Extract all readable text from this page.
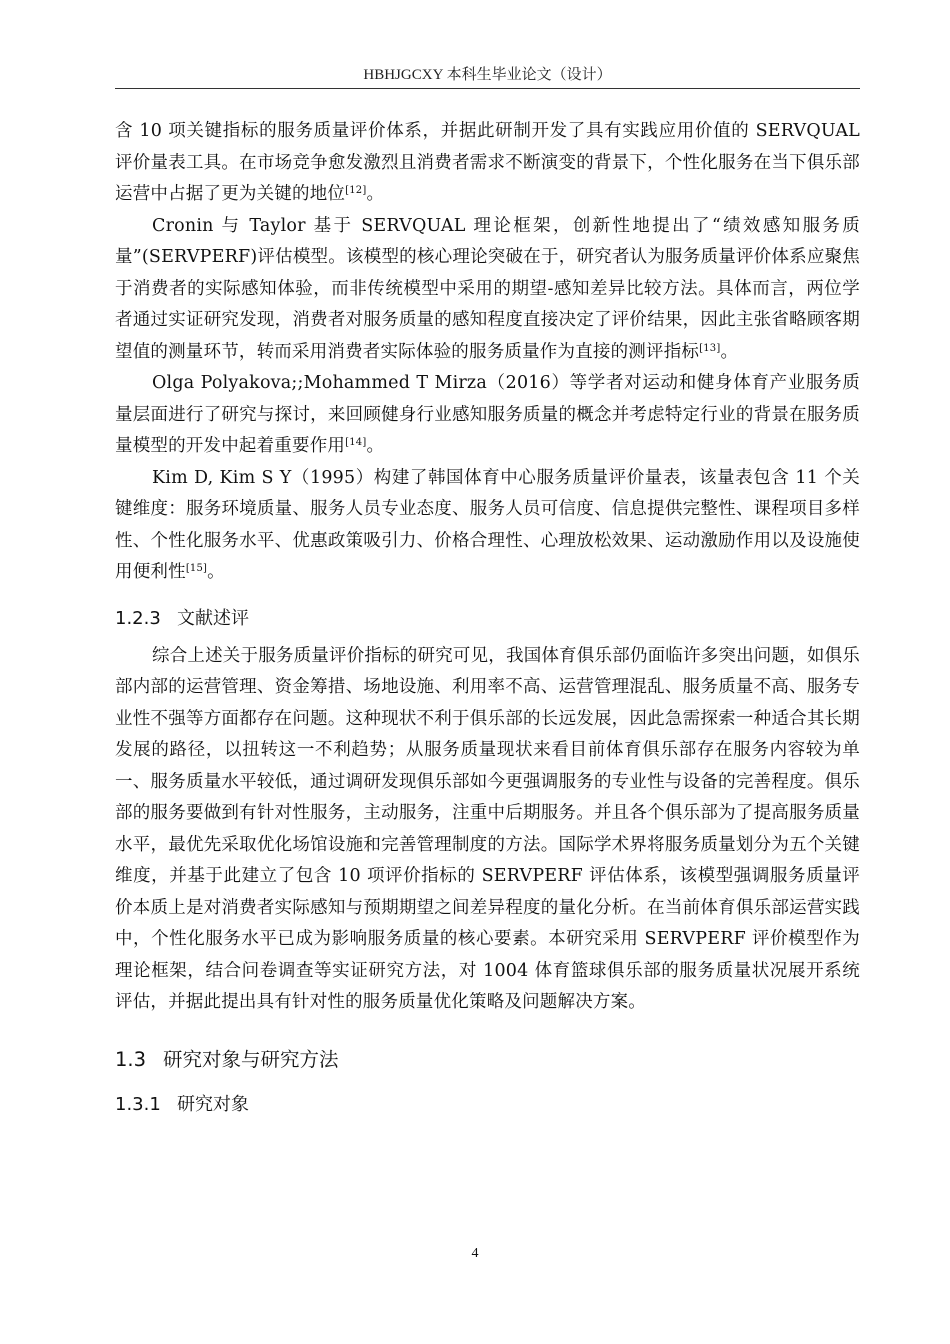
HBHJGCXY 本科生毕业论文（设计）

含 10 项关键指标的服务质量评价体系，并据此研制开发了具有实践应用价值的 SERVQUAL 评价量表工具。在市场竞争愈发激烈且消费者需求不断演变的背景下，个性化服务在当下俱乐部运营中占据了更为关键的地位[12]。

Cronin 与 Taylor 基于 SERVQUAL 理论框架，创新性地提出了“绩效感知服务质量”(SERVPERF)评估模型。该模型的核心理论突破在于，研究者认为服务质量评价体系应聚焦于消费者的实际感知体验，而非传统模型中采用的期望-感知差异比较方法。具体而言，两位学者通过实证研究发现，消费者对服务质量的感知程度直接决定了评价结果，因此主张省略顾客期望值的测量环节，转而采用消费者实际体验的服务质量作为直接的测评指标[13]。

Olga Polyakova;;Mohammed T Mirza（2016）等学者对运动和健身体育产业服务质量层面进行了研究与探讨，来回顾健身行业感知服务质量的概念并考虑特定行业的背景在服务质量模型的开发中起着重要作用[14]。

Kim D, Kim S Y（1995）构建了韩国体育中心服务质量评价量表，该量表包含 11 个关键维度：服务环境质量、服务人员专业态度、服务人员可信度、信息提供完整性、课程项目多样性、个性化服务水平、优惠政策吸引力、价格合理性、心理放松效果、运动激励作用以及设施使用便利性[15]。

1.2.3 文献述评

综合上述关于服务质量评价指标的研究可见，我国体育俱乐部仍面临许多突出问题，如俱乐部内部的运营管理、资金筹措、场地设施、利用率不高、运营管理混乱、服务质量不高、服务专业性不强等方面都存在问题。这种现状不利于俱乐部的长远发展，因此急需探索一种适合其长期发展的路径，以扭转这一不利趋势；从服务质量现状来看目前体育俱乐部存在服务内容较为单一、服务质量水平较低，通过调研发现俱乐部如今更强调服务的专业性与设备的完善程度。俱乐部的服务要做到有针对性服务，主动服务，注重中后期服务。并且各个俱乐部为了提高服务质量水平，最优先采取优化场馆设施和完善管理制度的方法。国际学术界将服务质量划分为五个关键维度，并基于此建立了包含 10 项评价指标的 SERVPERF 评估体系，该模型强调服务质量评价本质上是对消费者实际感知与预期期望之间差异程度的量化分析。在当前体育俱乐部运营实践中，个性化服务水平已成为影响服务质量的核心要素。本研究采用 SERVPERF 评价模型作为理论框架，结合问卷调查等实证研究方法，对 1004 体育篮球俱乐部的服务质量状况展开系统评估，并据此提出具有针对性的服务质量优化策略及问题解决方案。

1.3 研究对象与研究方法
1.3.1 研究对象
4
